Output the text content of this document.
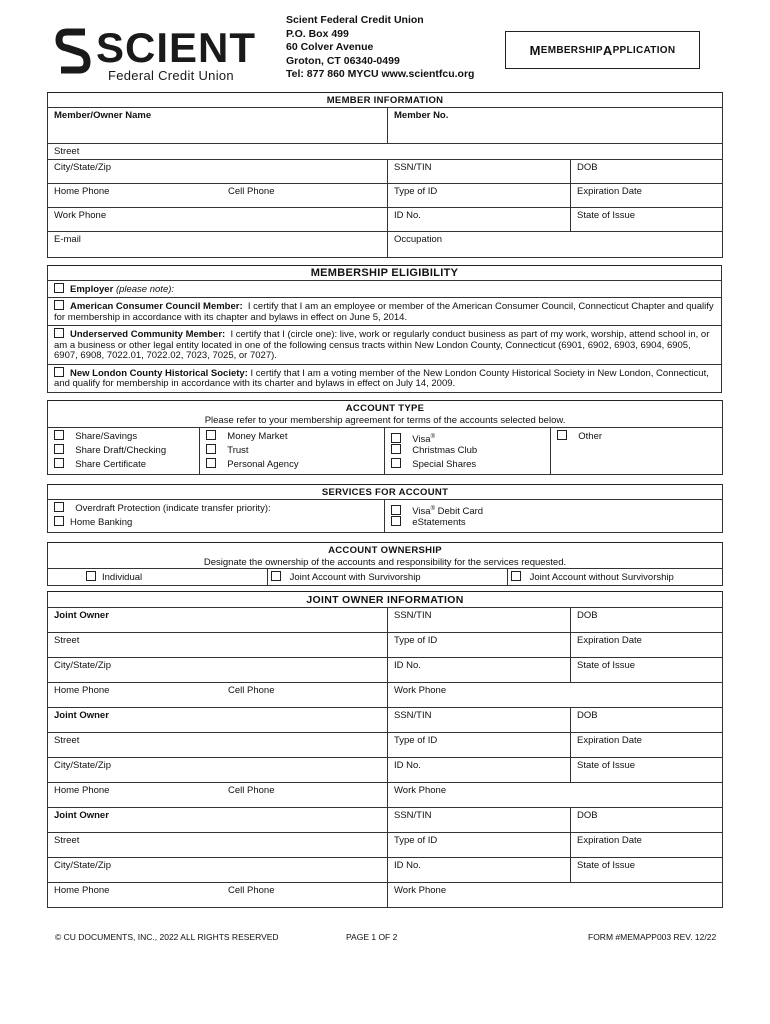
SCIENT
Federal Credit Union
Scient Federal Credit Union
P.O. Box 499
60 Colver Avenue
Groton, CT 06340-0499
Tel: 877 860 MYCU www.scientfcu.org
M EMBERSHIP A PPLICATION
MEMBER INFORMATION		
Member/Owner Name	Member No.	
Street		
City/State/Zip	SSN/TIN	DOB
Home Phone Cell Phone	Type of ID	Expiration Date
Work Phone	ID No.	State of Issue
E-mail	Occupation	
MEMBERSHIP ELIGIBILITY
Employer (please note):
American Consumer Council Member: I certify that I am an employee or member of the American Consumer Council, Connecticut Chapter and qualify for membership in accordance with its chapter and bylaws in effect on June 5, 2014.
Underserved Community Member: I certify that I (circle one): live, work or regularly conduct business as part of my work, worship, attend school in, or am a business or other legal entity located in one of the following census tracts within New London County, Connecticut (6901, 6902, 6903, 6904, 6905, 6907, 6908, 7022.01, 7022.02, 7023, 7025, or 7027).
New London County Historical Society: I certify that I am a voting member of the New London County Historical Society in New London, Connecticut, and qualify for membership in accordance with its charter and bylaws in effect on July 14, 2009.
ACCOUNT TYPE
Please refer to your membership agreement for terms of the accounts selected below.

Share/Savings
Share Draft/Checking
Share Certificate

Money Market
Trust
Personal Agency

Visa®
Christmas Club
Special Shares

Other
SERVICES FOR ACCOUNT

Overdraft Protection (indicate transfer priority):
Home Banking

Visa® Debit Card
eStatements
ACCOUNT OWNERSHIP
Designate the ownership of the accounts and responsibility for the services requested.
Individual	Joint Account with Survivorship	Joint Account without Survivorship
JOINT OWNER INFORMATION		
Joint Owner	SSN/TIN	DOB
Street	Type of ID	Expiration Date
City/State/Zip	ID No.	State of Issue
Home Phone Cell Phone	Work Phone	
Joint Owner	SSN/TIN	DOB
Street	Type of ID	Expiration Date
City/State/Zip	ID No.	State of Issue
Home Phone Cell Phone	Work Phone	
Joint Owner	SSN/TIN	DOB
Street	Type of ID	Expiration Date
City/State/Zip	ID No.	State of Issue
Home Phone Cell Phone	Work Phone	
© CU DOCUMENTS, INC., 2022 ALL RIGHTS RESERVED	PAGE 1 OF 2	FORM #MEMAPP003 REV. 12/22
